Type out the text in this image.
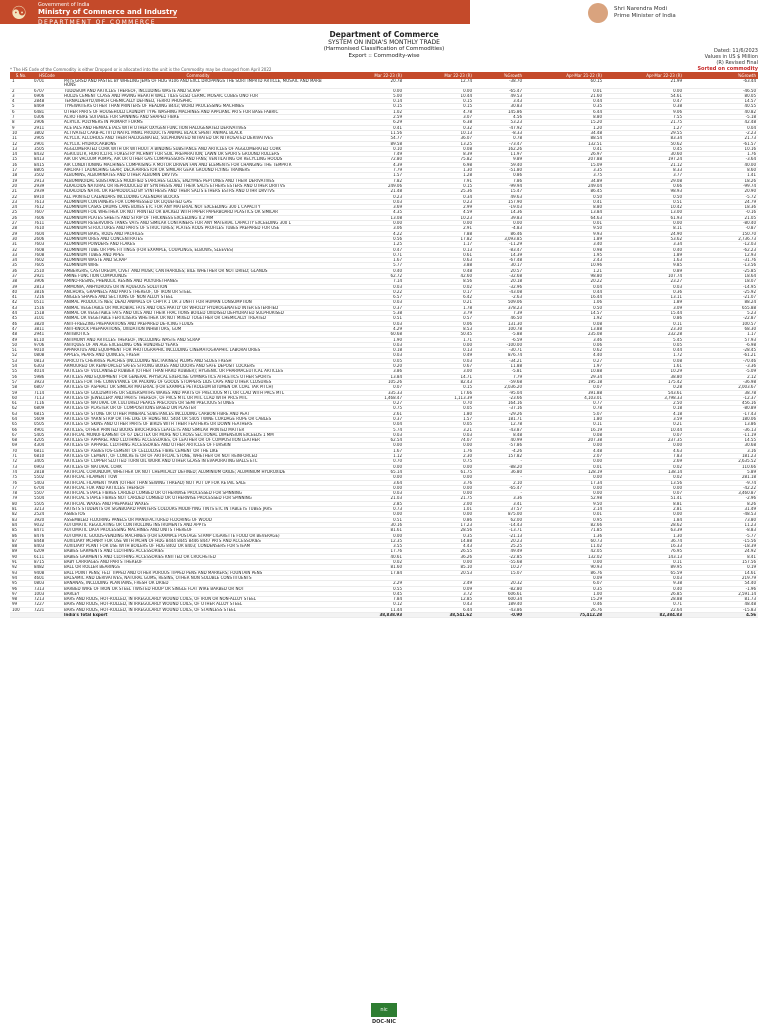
☯	Government of India
Ministry of Commerce and Industry
DEPARTMENT OF COMMERCE
Shri Narendra Modi
Prime Minister of India
Department of Commerce
SYSTEM ON INDIA'S MONTHLY TRADE
(Harmonised Classification of Commodities)
Export :: Commodity-wise
Dated: 11/6/2023
Values in US $ Million
(R) Revised Final
Sorted on commodity
* The HS Code of the Commodity is either Dropped or is allocated into the unit is the Commodity may be changed from April 2022
S.No.	HSCode	Commodity	Mar 22-23 (R)	Mar 22-23 (R)	%Growth	Apr-Mar 21-22 (R)	Apr-Mar 22-23 (R)	%Growth
1	0701	PRTS GRSD AND PASTEL BY WHELING JEMS OF HDG 9106 AND EXCL DROPPINGS THE SORT IMPRTD ARTICLE, MOSAIC AND MARB HONS	20.78	12.74	-38.70	60.15	21.99	-63.44
2	6707	TUDDSIUM AND ARTICLES THEREOF, INCLUDING WASTE AND SCRAP	0.00	0.00	-65.47	0.01	0.00	-46.50
3	6906	HOLDS CEMENT CLASS AND PAVING HEARTH WALL TILES GLSD CERMC MOSAIC CUBES ONO FOR	5.00	10.44	49.53	21.60	54.61	80.05
4	2848	TERNALDEHYD,WHICH CHEMICALLY DEFINED, FERRO PHOSPHIC	0.14	0.15	3.43	0.44	0.47	14.57
5	8469	TYPEWRITERS OTHER THAN PRINTERS OF HEADING 8443; WORD PROCESSING MACHINES	0.15	0.15	30.83	0.35	0.38	40.55
6	6481	OTHER PARTS OF HOUSEHOLD LAUNDRY TYPE WASHING MACHINES AND APPLIANC PRTS FOR BASE FABRIC	1.02	4.78	145.86	6.44	9.06	40.82
7	0306	ACRO FIBRE SUITABLE FOR SPINNING AND SHAPED FIBRE	2.59	3.07	4.56	8.80	7.55	-5.18
8	2906	ACRYLIC POLYMERS IN PRIMARY FORMS	6.29	6.38	53.23	15.20	21.75	42.48
9	2911	ACETALS AND HEMIACETALS WITH OTHER OXYGEN FUNCTION HALOGENATED DERIVATIVES	0.41	0.32	-47.92	1.20	1.27	0.04
10	3802	ACTIVATED CARB-ACTVTD NATRL MNRL PRODUCTS ANIMAL BLACK SPENT ANIMAL BLACK	11.56	10.13	-8.33	34.48	29.55	-2.23
11	2905	ACYCLIC ALCOHOLS AND THEIR HALOGENATED, SULPHONATED NITRATED OR NITROSATED DERIVATIVES	54.77	36.07	0.78	88.54	83.34	21.73
12	2901	ACYCLIC HYDROCARBONS	89.58	13.25	-73.47	132.51	50.62	-61.57
13	3505	AGGLOMERATED CORK WITH OR WITHOUT A BINDING SUBSTANCE AND ARTICLES OF AGGLOMERATED CORK	0.10	0.08	162.26	0.41	0.45	10.16
14	8432	AGRICULTR, HORTICLTRL FORESTRY MCHNRY FOR SOIL PREPARATION; LAWN OR SPORTS GROUND ROLLERS	7.49	8.39	11.97	26.97	30.60	1.76
15	8413	AIR OR VACUUM PUMPS, AIR OR OTHER GAS COMPRESSORS AND FANS; VENTILATING OR RECYCLING HOODS	72.80	75.82	9.89	207.88	197.24	-3.64
16	8415	AIR CONDITIONING MACHINES COMPRISING A MOTOR DRIVEN FAN AND ELEMENTS FOR CHANGING THE TEMPRTR	4.39	6.98	59.40	15.09	21.12	40.00
17	8805	AIRCRAFT LAUNCHING GEAR; DECK-ARRESTOR OR SIMILAR GEAR GROUND FLYING TRAINERS	7.79	1.30	-51.80	3.35	8.33	8.60
18	3502	ALBUMINS, ALBUMINATES AND OTHER ALBUMIN DRVTVS	1.57	1.28	0.86	3.75	3.77	1.41
19	2913	ALBUMINOIDAL SUBSTANCES MODIFIED STARCHES GLUES, ENZYMES PEPTONES AND THEIR DERIVATIVES	7.82	7.91	7.86	34.89	29.08	18.26
20	2939	ALKALOIDS NATURAL OR REPRODUCED BY SYNTHESIS AND THEIR SALTS ETHERS ESTERS AND OTHER DRVTVS	249.06	0.15	-99.94	249.04	0.66	-99.74
21	2939	ALKALOIDS NATRL OR REPRODUCED BY SYNTHESIS AND THEIR SALTS ETHERS ESTRS AND OTHR DRVTVS	21.48	25.36	15.47	86.45	98.93	20.90
22	8910	ALL PRINTED CALENDARS INCLUDING CALENDAR BLOCKS	0.23	0.34	49.63	0.50	0.50	-5.72
23	7613	ALUMINIUM CONTAINERS FOR COMPRESSED OR LIQUEFIED GAS	0.03	0.23	157.90	0.41	0.51	24.79
24	7612	ALUMINIUM CASKS DRUMS CANS BOXES ETC FOR ANY MATERIAL NOT EXCEEDING 300 L CAPACITY	3.69	2.99	-19.03	8.80	10.42	18.36
25	7607	ALUMINIUM FOIL WHETHER OR NOT PRINTED OR BACKED WITH PAPER PAPERBOARD PLASTICS OR SIMILAR	4.35	4.59	14.36	13.84	13.00	-0.16
26	7606	ALUMINIUM PLATES SHEETS AND STRIP OF THICKNESS EXCEEDING 0.2 MM	13.08	10.23	39.83	64.63	61.93	21.05
27	7611	ALUMINIUM RESERVOIRS TANKS VATS AND SIMILAR CONTAINERS FOR ANY MATERIAL CAPACITY EXCEEDING 300 L	0.00	0.00	0.00	0.01	0.00	-80.40
28	7610	ALUMINIUM STRUCTURES AND PARTS OF STRUCTURES; PLATES RODS PROFILES TUBES PREPARED FOR USE	3.06	2.91	-4.83	9.50	8.11	-0.87
29	7604	ALUMINIUM BARS, RODS AND PROFILES	4.22	7.88	86.46	9.93	24.90	150.70
30	2606	ALUMINIUM ORES AND CONCENTRATES	0.56	17.82	3,093.85	1.89	53.62	2,736.73
31	7603	ALUMINIUM POWDERS AND FLAKES	1.25	1.17	-11.29	3.40	3.34	-12.03
32	7608	ALUMINIUM TUBE OR PIPE FITTINGS (FOR EXAMPLE, COUPLINGS, ELBOWS, SLEEVES)	0.47	0.13	-83.47	0.98	0.40	-62.23
33	7608	ALUMINIUM TUBES AND PIPES	0.71	0.61	14.39	1.95	1.89	12.93
34	7602	ALUMINIUM WASTE AND SCRAP	1.67	0.63	-67.48	2.43	1.63	-31.76
35	7605	ALUMINIUM WIRE	5.77	3.88	30.17	10.96	9.85	-13.56
36	2510	AMBERGRIS, CASTOREUM, CIVET AND MUSK; CANTHARIDES; BILE WHETHER OR NOT DRIED; GLANDS	0.40	0.48	20.57	1.21	0.89	-25.85
37	2921	AMINE FUNCTION COMPOUNDS	62.72	42.60	-32.68	98.80	107.74	18.64
38	3906	AMINO-RESINS, PHENOLIC RESINS AND POLYURETHANES	7.14	8.56	20.18	20.22	23.27	18.07
39	2813	AMMONIA, ANHYDROUS OR IN AQUEOUS SOLUTION	0.03	0.02	-32.96	0.04	0.03	-14.95
40	3816	ANCHORS, GRAPNELS AND PARTS THEREOF, OF IRON OR STEEL	0.22	0.17	-43.08	0.44	0.36	-25.92
41	7216	ANGLES SHAPES AND SECTIONS OF NON ALLOY STEEL	6.57	6.42	-2.63	16.44	13.11	-21.07
42	0511	ANIMAL PRODUCTS NES; DEAD ANIMALS OF CHPTR 1 OR 3 UNFIT FOR HUMAN CONSUMPTION	0.03	0.21	509.06	1.06	1.89	88.24
43	1516	ANIMAL VEGETABLE OR MICROBIAL FATS AND OILS PARTLY OR WHOLLY HYDROGENATED INTER ESTERIFIED	0.37	1.78	378.23	0.50	3.09	655.88
44	1518	ANIMAL OR VEGETABLE FATS AND OILS AND THEIR FRACTIONS BOILED OXIDISED DEHYDRATED SULPHURISED	5.38	3.79	7.39	14.57	15.44	5.23
45	3101	ANIMAL OR VEGETABLE FERTILISERS WHETHER OR NOT MIXED TOGETHER OR CHEMICALLY TREATED	0.51	0.57	46.50	1.92	0.86	-22.87
46	3820	ANTI-FREEZING PREPARATIONS AND PREPARED DE-ICING FLUIDS	0.03	0.06	131.30	0.08	0.11	100.57
47	3811	ANTI-KNOCK PREPARATIONS, OXIDATION INHIBITORS, GUM	4.29	8.53	100.78	13.88	23.30	68.30
48	2941	ANTIBIOTICS	60.68	50.45	-5.88	235.08	232.28	1.17
49	8110	ANTIMONY AND ARTICLES THEREOF, INCLUDING WASTE AND SCRAP	1.90	1.71	-6.59	3.46	5.45	57.93
50	9706	ANTIQUES OF AN AGE EXCEEDING ONE HUNDRED YEARS	0.03	0.00	-100.00	0.06	0.05	-6.98
51	9010	APPARATUS AND EQUIPMENT FOR PHOTOGRAPHIC INCLUDING CINEMATOGRAPHIC LABORATORIES	0.18	0.13	-30.71	0.62	0.44	-28.45
52	0808	APPLES, PEARS AND QUINCES, FRESH	0.03	0.49	876.74	4.40	1.72	-61.21
53	0813	APRICOTS CHERRIES PEACHES (INCLUDING NECTARINES) PLUMS AND SLOES FRESH	0.05	0.03	-34.21	0.27	0.08	-70.46
54	6303	ARMOURED OR REINFORCED SAFES STRONG BOXES AND DOORS AND SAFE DEPOSIT LOCKERS	0.20	0.67	11.88	1.97	1.61	-3.36
55	4014	ARTICLES OF VULCANISED RUBBER (OTHER THAN HARD RUBBER); HYGIENIC OR PHARMACEUTICAL ARTICLES	3.86	3.00	-5.81	10.88	10.29	-5.09
56	5986	ARTICLES AND EQUIPMENT FOR GENERAL PHYSICAL EXERCISE GYMNASTICS ATHLETICS OTHER SPORTS	13.84	14.71	7.79	29.34	38.80	2.12
57	3923	ARTICLES FOR THE CONVEYANCE OR PACKING OF GOODS STOPPERS LIDS CAPS AND OTHER CLOSURES	105.26	82.43	-59.68	195.18	175.42	-36.98
58	6807	ARTICLES OF ASPHALT OR SIMILAR MATERIAL (FOR EXAMPLE PETROLEUM BITUMEN OR COAL TAR PITCH)	0.07	0.15	2,036.20	0.07	0.28	2,003.67
59	7114	ARTICLES OF GOLDSMITHS OR SILVERSMITHS WARES AND PARTS OF PRECIOUS MTL OR CLAD WITH PRCS MTL	335.33	17.66	-95.04	391.88	543.61	38.78
60	7113	ARTICLES OF JEWELLERY AND PARTS THEREOF, OF PRCS MTL OR MTL CLAD WITH PRCS MTL	1,468.47	1,113.39	-23.66	4,103.01	3,798.33	-12.37
61	7116	ARTICLES OF NATURAL OR CULTURED PEARLS PRECIOUS OR SEMI PRECIOUS STONES	0.27	0.70	164.16	0.77	2.50	456.16
62	6809	ARTICLES OF PLASTER OR OF COMPOSITIONS BASED ON PLASTER	0.75	0.05	-37.16	0.78	0.18	-80.89
63	6815	ARTICLES OF STONE OR OTHER MINERAL SUBSTANCES INCLUDING CARBON FIBRE AND PEAT	2.61	1.80	-29.26	5.07	4.18	-17.43
64	5609	ARTICLES OF YARN STRIP OR THE LIKE OF HDNG NO. 5404 OR 5405 TWINE CORDAGE ROPE OR CABLES	0.37	1.57	181.71	1.80	3.59	180.06
65	0505	ARTICLES OF SKINS AND OTHER PARTS OF BIRDS WITH THEIR FEATHERS OR DOWN FEATHERS	0.04	0.05	12.78	0.11	0.21	13.86
66	4901	ARTICLES, OTHER PRINTED BOOKS BROCHURES LEAFLETS AND SIMILAR PRINTED MATTER	5.74	3.21	-43.87	16.19	10.44	-36.13
67	5405	ARTIFICIAL MONOFILAMENT OF 67 DECITEX OR MORE NO CROSS SECTIONAL DIMENSION EXCEEDS 1 MM	0.03	0.03	8.48	0.08	0.07	-11.19
68	4205	ARTICLES OF APPAREL AND CLOTHING ACCESSORIES, OF LEATHER OR OF COMPOSITION LEATHER	62.54	74.07	40.99	207.38	237.35	14.55
69	4304	ARTICLES OF APPAREL CLOTHING ACCESSORIES AND OTHER ARTICLES OF FURSKIN	0.00	0.00	-57.86	0.00	0.00	30.68
70	6811	ARTICLES OF ASBESTOS-CEMENT OF CELLULOSE FIBRE CEMENT OR THE LIKE	1.67	1.76	-4.26	4.48	4.63	3.16
71	6810	ARTICLES OF CEMENT, OF CONCRETE OR OF ARTIFICIAL STONE, WHETHER OR NOT REINFORCED	1.12	2.30	157.82	2.07	7.83	181.23
72	3405	ARTICLES OF COPPER SLOTTED TURN OIL WORK AND OTHER GLASS IN EVAPORATING BALLS ETC	0.70	0.75	-	0.00	2.69	2,635.52
73	6903	ARTICLES OF NATURAL CORK	0.00	0.00	-88.20	0.01	0.02	110.66
74	2818	ARTIFICIAL CORUNDUM, WHETHER OR NOT CHEMICALLY DEFINED; ALUMINIUM OXIDE; ALUMINIUM HYDROXIDE	65.14	61.75	36.80	128.19	138.14	5.89
75	5502	ARTIFICIAL FILAMENT TOW	0.00	0.00	-	0.00	0.02	281.18
76	5403	ARTIFICIAL FILAMENT YARN (OTHER THAN SEWING THREAD) NOT PUT UP FOR RETAIL SALE	3.64	3.76	2.10	17.34	13.56	-9.74
77	6704	ARTIFICIAL FUR AND ARTICLES THEREOF	0.00	0.00	-65.47	0.00	0.00	-42.22
78	5507	ARTIFICIAL STAPLE FIBRES CARDED COMBED OR OTHERWISE PROCESSED FOR SPINNING	0.03	0.00	-	0.00	0.07	3,460.87
79	5504	ARTIFICIAL STAPLE FIBRES NOT CARDED COMBED OR OTHERWISE PROCESSED FOR SPINNING	21.03	21.75	3.36	52.98	51.41	-2.96
80	5505	ARTIFICIAL WAXES AND PREPARED WAXES	2.85	2.00	3.41	9.50	8.81	8.26
81	3213	ARTISTS STUDENTS OR SIGNBOARD PAINTERS COLOURS MODIFYING TINTS ETC IN TABLETS TUBES JARS	0.73	1.01	37.57	2.14	2.81	31.49
82	2524	ASBESTOS	0.00	0.00	875.00	0.01	0.00	-48.53
83	3920	ASSEMBLED FLOORING PANELS OR MANUFACTURED FLOORING OF WOOD	0.51	0.86	62.00	0.95	1.84	73.80
84	9032	AUTOMATIC REGULATING OR CONTROLLING INSTRUMENTS AND APPTS	30.16	17.23	-14.43	82.66	28.62	11.23
85	8471	AUTOMATIC DATA PROCESSING MACHINES AND UNITS THEREOF	81.61	28.56	-13.71	71.85	63.39	-8.83
86	8476	AUTOMATIC GOODS-VENDING MACHINES (FOR EXAMPLE POSTAGE STAMP CIGARETTE FOOD OR BEVERAGE)	0.00	0.35	-21.13	1.36	1.30	-5.77
87	8448	AUXILIARY MCHNRY FOR USE WITH MCHN OF HDG 8444 8445 8446 8447 PRTS AND ACCESSORIES	12.35	14.88	20.23	60.73	36.74	-15.56
88	8403	AUXILIARY PLANT FOR USE WITH BOILERS OF HDG 8402 OR 8403; CONDENSERS FOR STEAM	3.55	4.43	25.25	11.02	16.33	-18.39
89	6209	BABIES GARMENTS AND CLOTHING ACCESSORIES	17.76	26.55	49.49	42.05	76.95	24.92
90	6111	BABIES GARMENTS AND CLOTHING ACCESSORIES KNITTED OR CROCHETED	40.61	36.26	-22.85	132.02	143.13	8.41
91	8715	BABY CARRIAGES AND PARTS THEREOF	0.02	0.00	-55.68	0.00	0.11	157.56
92	8482	BALL OR ROLLER BEARINGS	81.60	85.10	10.27	90.93	89.95	0.19
93	9408	BALL POINT PENS; FELT TIPPED AND OTHER POROUS TIPPED PENS AND MARKERS; FOUNTAIN PENS	17.84	20.53	15.07	86.76	65.59	14.61
94	4601	BALSAMIC AND DERIVATIVES, NATURAL GUMS, RESINS, OTHER NON SOLUBLE CONSTITUENTS				0.09	0.03	219.79
95	0803	BANANAS, INCLUDING PLANTAINS, FRESH OR DRIED	2.29	2.49	20.32	6.07	9.38	54.40
96	7313	BARBED WIRE OF IRON OR STEEL TWISTED HOOP OR SINGLE FLAT WIRE BARBED OR NOT	0.55	0.09	-82.80	0.35	0.40	-1.96
97	1003	BARLEY	0.45	3.72	606.61	1.00	26.85	2,591.14
98	7213	BARS AND RODS, HOT-ROLLED, IN IRREGULARLY WOUND COILS, OF IRON OR NON-ALLOY STEEL	7.84	12.85	600.34	15.29	28.88	81.73
99	7227	BARS AND RODS, HOT-ROLLED, IN IRREGULARLY WOUND COILS, OF OTHER ALLOY STEEL	0.12	0.43	189.40	0.46	0.71	48.48
100	7221	BARS AND RODS, HOT-ROLLED, IN IRREGULARLY WOUND COILS, OF STAINLESS STEEL	11.44	6.44	-43.86	26.76	22.64	-15.83
		India's Total Export	38,838.93	38,541.62	-0.90	75,412.28	82,384.83	4.56
nic
DOC-NIC
